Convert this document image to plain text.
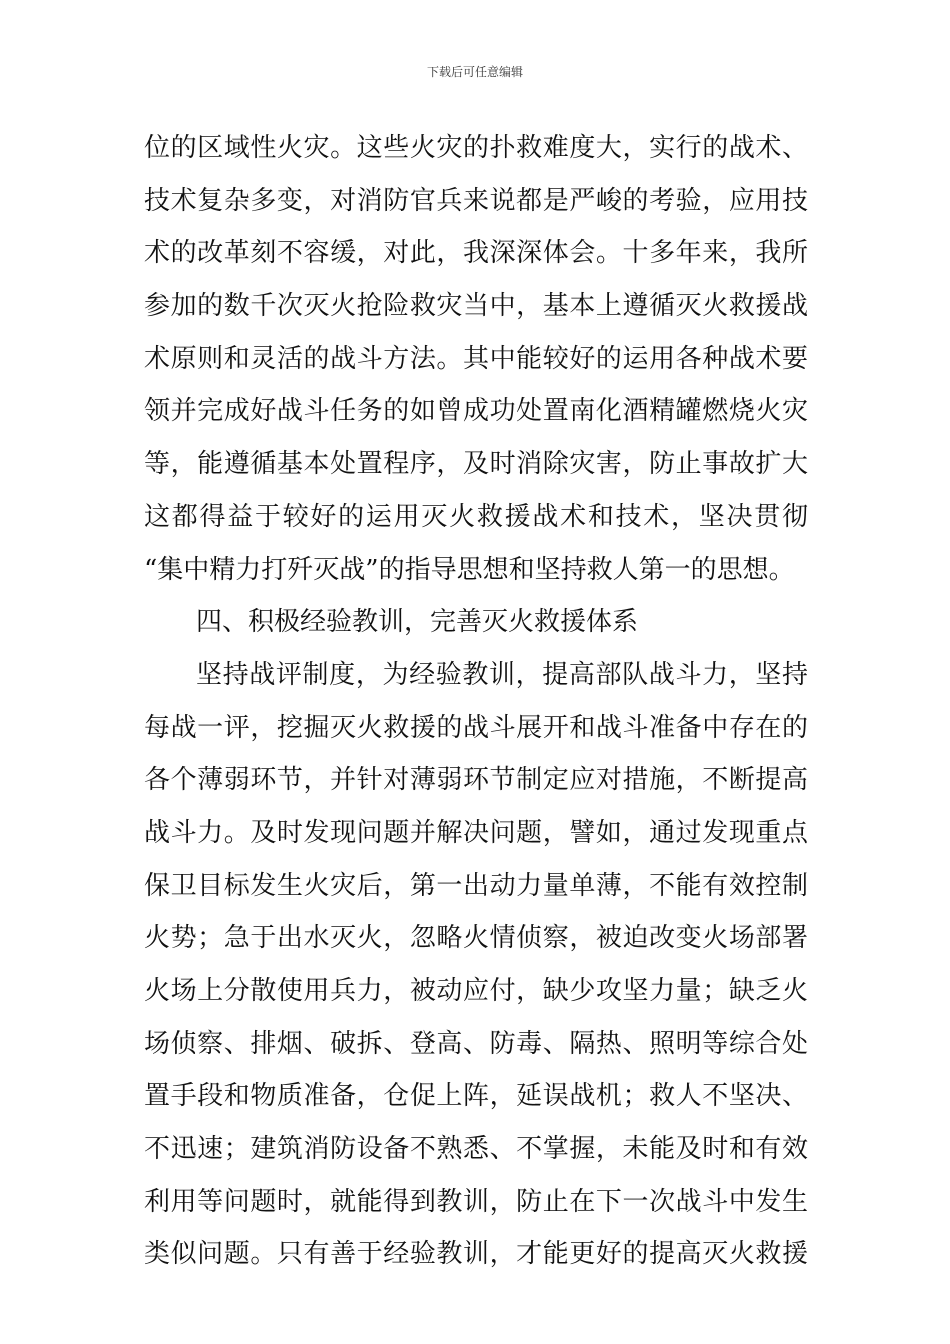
下载后可任意编辑
位的区域性火灾。这些火灾的扑救难度大，实行的战术、
技术复杂多变，对消防官兵来说都是严峻的考验，应用技
术的改革刻不容缓，对此，我深深体会。十多年来，我所
参加的数千次灭火抢险救灾当中，基本上遵循灭火救援战
术原则和灵活的战斗方法。其中能较好的运用各种战术要
领并完成好战斗任务的如曾成功处置南化酒精罐燃烧火灾
等，能遵循基本处置程序，及时消除灾害，防止事故扩大
这都得益于较好的运用灭火救援战术和技术，坚决贯彻
“集中精力打歼灭战”的指导思想和坚持救人第一的思想。
四、积极经验教训，完善灭火救援体系
坚持战评制度，为经验教训，提高部队战斗力，坚持
每战一评，挖掘灭火救援的战斗展开和战斗准备中存在的
各个薄弱环节，并针对薄弱环节制定应对措施，不断提高
战斗力。及时发现问题并解决问题，譬如，通过发现重点
保卫目标发生火灾后，第一出动力量单薄，不能有效控制
火势；急于出水灭火，忽略火情侦察，被迫改变火场部署
火场上分散使用兵力，被动应付，缺少攻坚力量；缺乏火
场侦察、排烟、破拆、登高、防毒、隔热、照明等综合处
置手段和物质准备，仓促上阵，延误战机；救人不坚决、
不迅速；建筑消防设备不熟悉、不掌握，未能及时和有效
利用等问题时，就能得到教训，防止在下一次战斗中发生
类似问题。只有善于经验教训，才能更好的提高灭火救援
